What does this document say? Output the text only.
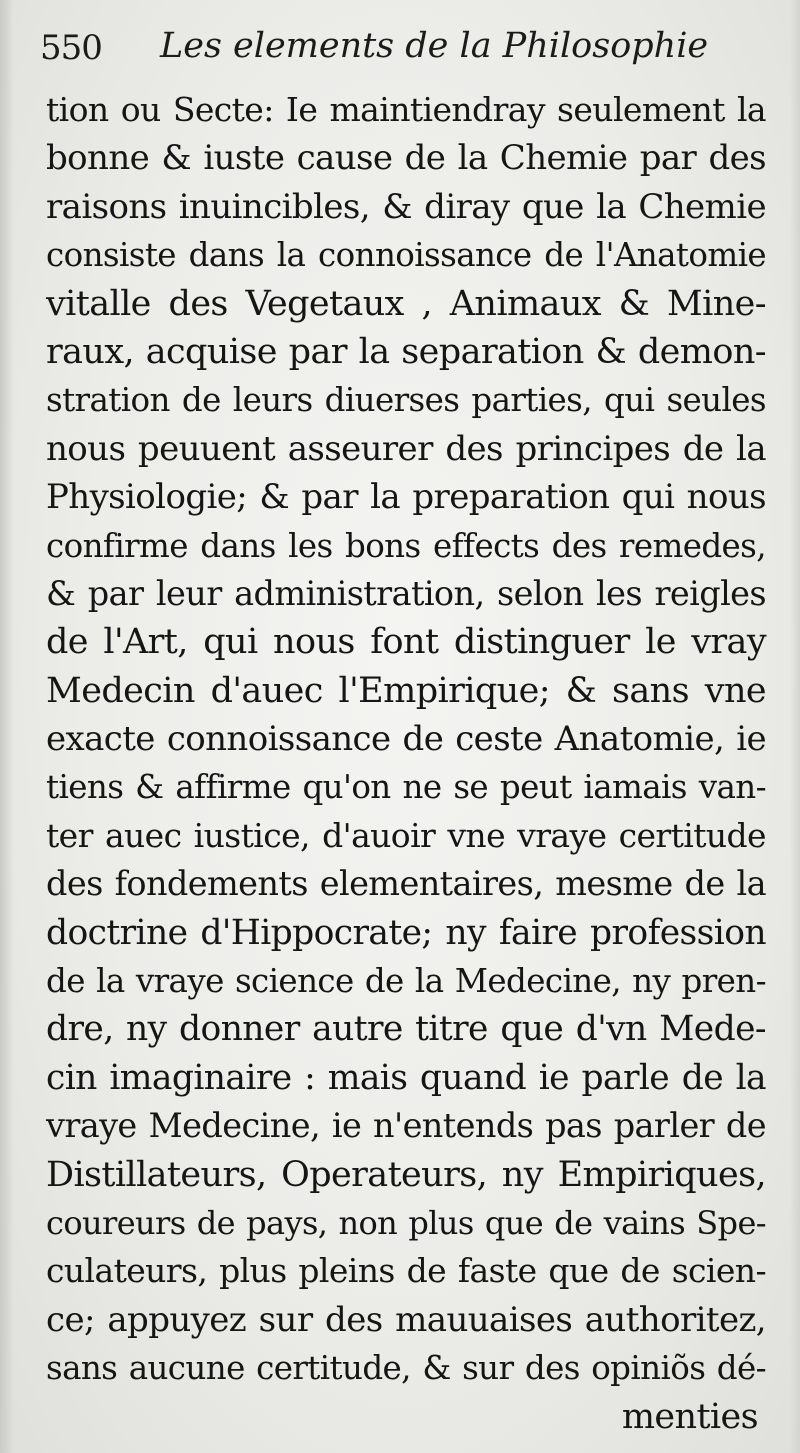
550 Les elements de la Philosophie
tion ou Secte: Ie maintiendray seulement la
bonne & iuste cause de la Chemie par des
raisons inuincibles, & diray que la Chemie
consiste dans la connoissance de l'Anatomie
vitalle des Vegetaux , Animaux & Mine-
raux, acquise par la separation & demon-
stration de leurs diuerses parties, qui seules
nous peuuent asseurer des principes de la
Physiologie; & par la preparation qui nous
confirme dans les bons effects des remedes,
& par leur administration, selon les reigles
de l'Art, qui nous font distinguer le vray
Medecin d'auec l'Empirique; & sans vne
exacte connoissance de ceste Anatomie, ie
tiens & affirme qu'on ne se peut iamais van-
ter auec iustice, d'auoir vne vraye certitude
des fondements elementaires, mesme de la
doctrine d'Hippocrate; ny faire profession
de la vraye science de la Medecine, ny pren-
dre, ny donner autre titre que d'vn Mede-
cin imaginaire : mais quand ie parle de la
vraye Medecine, ie n'entends pas parler de
Distillateurs, Operateurs, ny Empiriques,
coureurs de pays, non plus que de vains Spe-
culateurs, plus pleins de faste que de scien-
ce; appuyez sur des mauuaises authoritez,
sans aucune certitude, & sur des opiniõs dé-
menties
